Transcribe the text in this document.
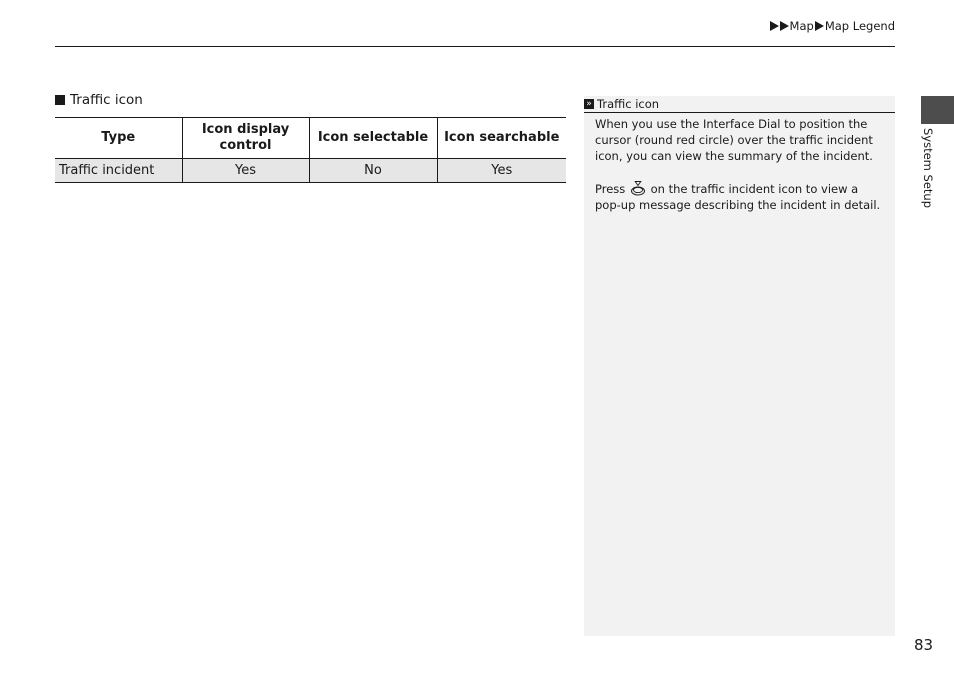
Map Map Legend
Traffic icon
Type	Icon display control	Icon selectable	Icon searchable
Traffic incident	Yes	No	Yes
» Traffic icon

When you use the Interface Dial to position the cursor (round red circle) over the traffic incident icon, you can view the summary of the incident.

Press on the traffic incident icon to view a pop-up message describing the incident in detail.	System Setup
83
